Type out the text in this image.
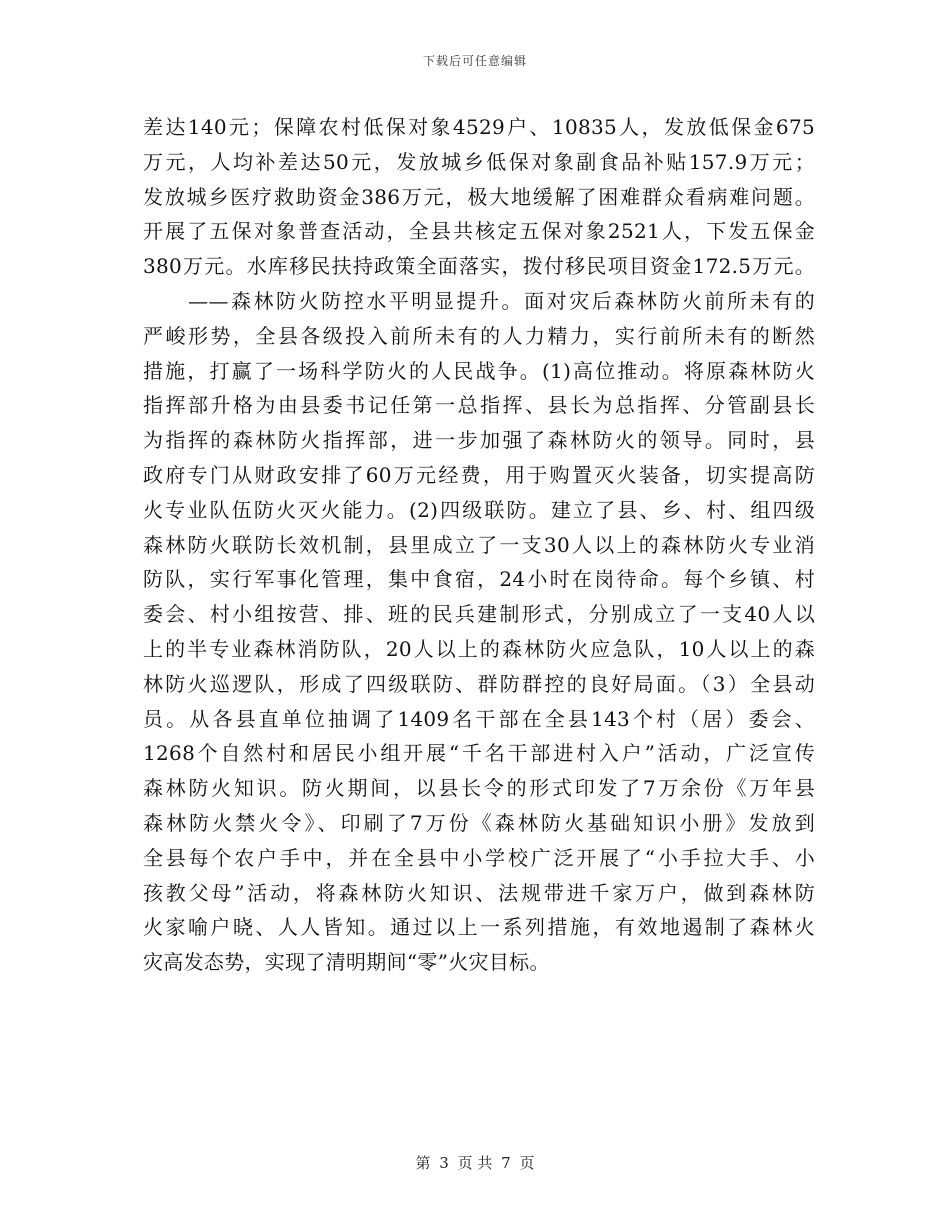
下载后可任意编辑
差达140元；保障农村低保对象4529户、10835人，发放低保金675
万元，人均补差达50元，发放城乡低保对象副食品补贴157.9万元；
发放城乡医疗救助资金386万元，极大地缓解了困难群众看病难问题。
开展了五保对象普查活动，全县共核定五保对象2521人，下发五保金
380万元。水库移民扶持政策全面落实，拨付移民项目资金172.5万元。
　　——森林防火防控水平明显提升。面对灾后森林防火前所未有的
严峻形势，全县各级投入前所未有的人力精力，实行前所未有的断然
措施，打赢了一场科学防火的人民战争。(1)高位推动。将原森林防火
指挥部升格为由县委书记任第一总指挥、县长为总指挥、分管副县长
为指挥的森林防火指挥部，进一步加强了森林防火的领导。同时，县
政府专门从财政安排了60万元经费，用于购置灭火装备，切实提高防
火专业队伍防火灭火能力。(2)四级联防。建立了县、乡、村、组四级
森林防火联防长效机制，县里成立了一支30人以上的森林防火专业消
防队，实行军事化管理，集中食宿，24小时在岗待命。每个乡镇、村
委会、村小组按营、排、班的民兵建制形式，分别成立了一支40人以
上的半专业森林消防队，20人以上的森林防火应急队，10人以上的森
林防火巡逻队，形成了四级联防、群防群控的良好局面。（3）全县动
员。从各县直单位抽调了1409名干部在全县143个村（居）委会、
1268个自然村和居民小组开展“千名干部进村入户”活动，广泛宣传
森林防火知识。防火期间，以县长令的形式印发了7万余份《万年县
森林防火禁火令》、印刷了7万份《森林防火基础知识小册》发放到
全县每个农户手中，并在全县中小学校广泛开展了“小手拉大手、小
孩教父母”活动，将森林防火知识、法规带进千家万户，做到森林防
火家喻户晓、人人皆知。通过以上一系列措施，有效地遏制了森林火
灾高发态势，实现了清明期间“零”火灾目标。
第 3 页 共 7 页
